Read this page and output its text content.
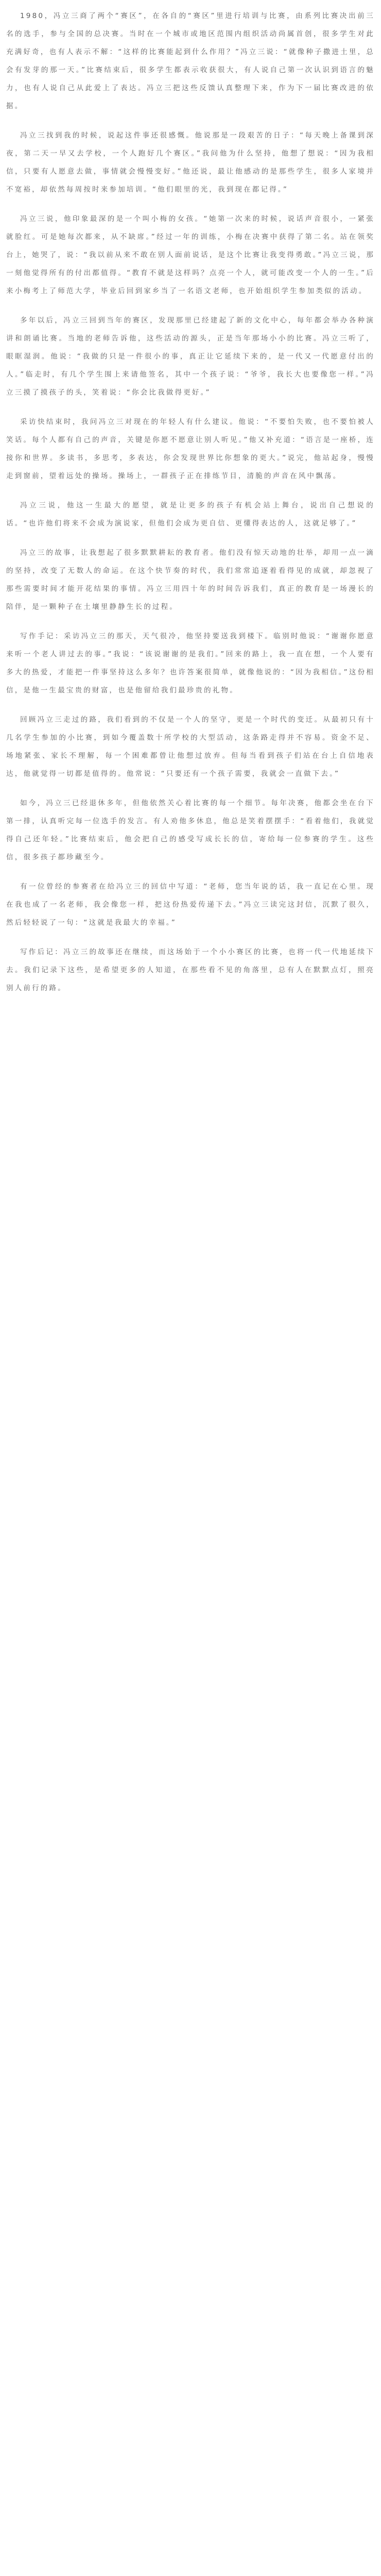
1980，冯立三商了两个“赛区”，在各自的“赛区”里进行培训与比赛，由系列比赛决出前三名的选手，参与全国的总决赛。当时在一个城市或地区范围内组织活动尚属首创，很多学生对此充满好奇，也有人表示不解：“这样的比赛能起到什么作用？”冯立三说：“就像种子撒进土里，总会有发芽的那一天。”比赛结束后，很多学生都表示收获很大，有人说自己第一次认识到语言的魅力，也有人说自己从此爱上了表达。冯立三把这些反馈认真整理下来，作为下一届比赛改进的依据。

冯立三找到我的时候，说起这件事还很感慨。他说那是一段艰苦的日子：“每天晚上备课到深夜，第二天一早又去学校，一个人跑好几个赛区。”我问他为什么坚持，他想了想说：“因为我相信，只要有人愿意去做，事情就会慢慢变好。”他还说，最让他感动的是那些学生，很多人家境并不宽裕，却依然每周按时来参加培训。“他们眼里的光，我到现在都记得。”

冯立三说，他印象最深的是一个叫小梅的女孩。“她第一次来的时候，说话声音很小，一紧张就脸红。可是她每次都来，从不缺席。”经过一年的训练，小梅在决赛中获得了第二名。站在领奖台上，她哭了，说：“我以前从来不敢在别人面前说话，是这个比赛让我变得勇敢。”冯立三说，那一刻他觉得所有的付出都值得。“教育不就是这样吗？点亮一个人，就可能改变一个人的一生。”后来小梅考上了师范大学，毕业后回到家乡当了一名语文老师，也开始组织学生参加类似的活动。

多年以后，冯立三回到当年的赛区，发现那里已经建起了新的文化中心，每年都会举办各种演讲和朗诵比赛。当地的老师告诉他，这些活动的源头，正是当年那场小小的比赛。冯立三听了，眼眶湿润。他说：“我做的只是一件很小的事，真正让它延续下来的，是一代又一代愿意付出的人。”临走时，有几个学生围上来请他签名，其中一个孩子说：“爷爷，我长大也要像您一样。”冯立三摸了摸孩子的头，笑着说：“你会比我做得更好。”

采访快结束时，我问冯立三对现在的年轻人有什么建议。他说：“不要怕失败，也不要怕被人笑话。每个人都有自己的声音，关键是你愿不愿意让别人听见。”他又补充道：“语言是一座桥，连接你和世界。多读书，多思考，多表达，你会发现世界比你想象的更大。”说完，他站起身，慢慢走到窗前，望着远处的操场。操场上，一群孩子正在排练节目，清脆的声音在风中飘荡。

冯立三说，他这一生最大的愿望，就是让更多的孩子有机会站上舞台，说出自己想说的话。“也许他们将来不会成为演说家，但他们会成为更自信、更懂得表达的人，这就足够了。”

冯立三的故事，让我想起了很多默默耕耘的教育者。他们没有惊天动地的壮举，却用一点一滴的坚持，改变了无数人的命运。在这个快节奏的时代，我们常常追逐着看得见的成就，却忽视了那些需要时间才能开花结果的事情。冯立三用四十年的时间告诉我们，真正的教育是一场漫长的陪伴，是一颗种子在土壤里静静生长的过程。

写作手记：采访冯立三的那天，天气很冷，他坚持要送我到楼下。临别时他说：“谢谢你愿意来听一个老人讲过去的事。”我说：“该说谢谢的是我们。”回来的路上，我一直在想，一个人要有多大的热爱，才能把一件事坚持这么多年？也许答案很简单，就像他说的：“因为我相信。”这份相信，是他一生最宝贵的财富，也是他留给我们最珍贵的礼物。

回顾冯立三走过的路，我们看到的不仅是一个人的坚守，更是一个时代的变迁。从最初只有十几名学生参加的小比赛，到如今覆盖数十所学校的大型活动，这条路走得并不容易。资金不足、场地紧张、家长不理解，每一个困难都曾让他想过放弃。但每当看到孩子们站在台上自信地表达，他就觉得一切都是值得的。他常说：“只要还有一个孩子需要，我就会一直做下去。”

如今，冯立三已经退休多年，但他依然关心着比赛的每一个细节。每年决赛，他都会坐在台下第一排，认真听完每一位选手的发言。有人劝他多休息，他总是笑着摆摆手：“看着他们，我就觉得自己还年轻。”比赛结束后，他会把自己的感受写成长长的信，寄给每一位参赛的学生。这些信，很多孩子都珍藏至今。

有一位曾经的参赛者在给冯立三的回信中写道：“老师，您当年说的话，我一直记在心里。现在我也成了一名老师，我会像您一样，把这份热爱传递下去。”冯立三读完这封信，沉默了很久，然后轻轻说了一句：“这就是我最大的幸福。”

写作后记：冯立三的故事还在继续，而这场始于一个小小赛区的比赛，也将一代一代地延续下去。我们记录下这些，是希望更多的人知道，在那些看不见的角落里，总有人在默默点灯，照亮别人前行的路。
